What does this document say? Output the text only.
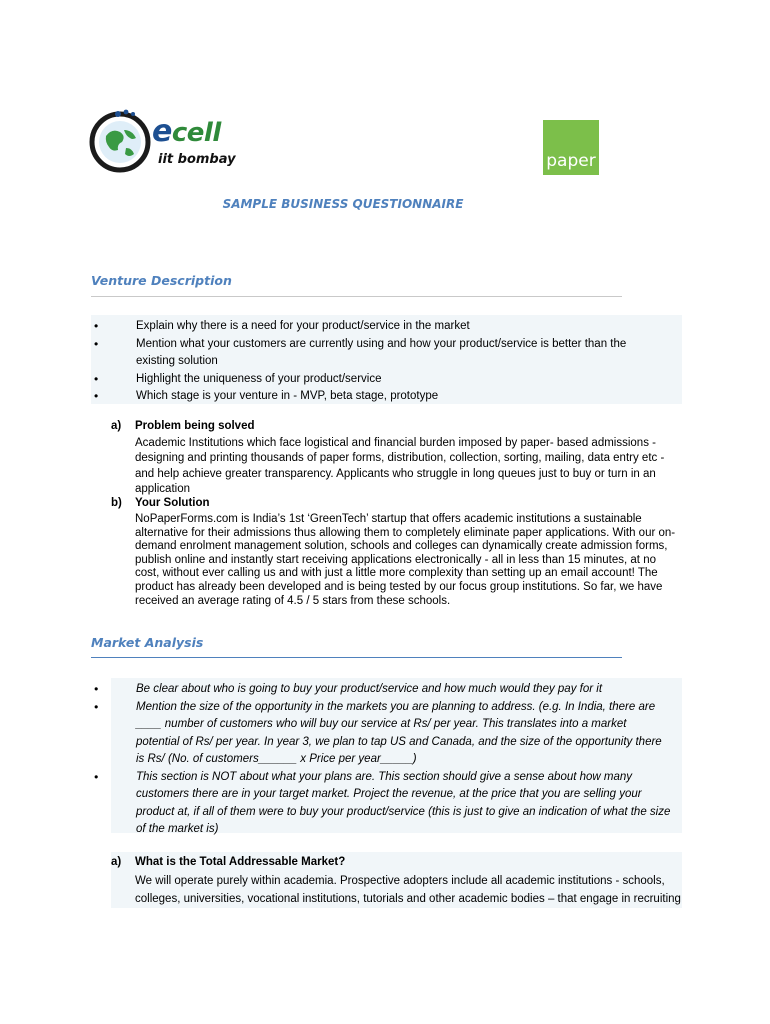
ecell
iit bombay	paper
SAMPLE BUSINESS QUESTIONNAIRE
Venture Description
• Explain why there is a need for your product/service in the market
• Mention what your customers are currently using and how your product/service is better than the existing solution
• Highlight the uniqueness of your product/service
• Which stage is your venture in - MVP, beta stage, prototype
a) Problem being solved
Academic Institutions which face logistical and financial burden imposed by paper- based admissions - designing and printing thousands of paper forms, distribution, collection, sorting, mailing, data entry etc - and help achieve greater transparency. Applicants who struggle in long queues just to buy or turn in an application
b) Your Solution
NoPaperForms.com is India’s 1st ‘GreenTech’ startup that offers academic institutions a sustainable alternative for their admissions thus allowing them to completely eliminate paper applications. With our on-demand enrolment management solution, schools and colleges can dynamically create admission forms, publish online and instantly start receiving applications electronically - all in less than 15 minutes, at no cost, without ever calling us and with just a little more complexity than setting up an email account! The product has already been developed and is being tested by our focus group institutions. So far, we have received an average rating of 4.5 / 5 stars from these schools.
Market Analysis
• Be clear about who is going to buy your product/service and how much would they pay for it
• Mention the size of the opportunity in the markets you are planning to address. (e.g. In India, there are ____ number of customers who will buy our service at Rs/ per year. This translates into a market potential of Rs/ per year. In year 3, we plan to tap US and Canada, and the size of the opportunity there is Rs/ (No. of customers______ x Price per year_____)
• This section is NOT about what your plans are. This section should give a sense about how many customers there are in your target market. Project the revenue, at the price that you are selling your product at, if all of them were to buy your product/service (this is just to give an indication of what the size of the market is)
a) What is the Total Addressable Market?
We will operate purely within academia. Prospective adopters include all academic institutions - schools, colleges, universities, vocational institutions, tutorials and other academic bodies – that engage in recruiting
